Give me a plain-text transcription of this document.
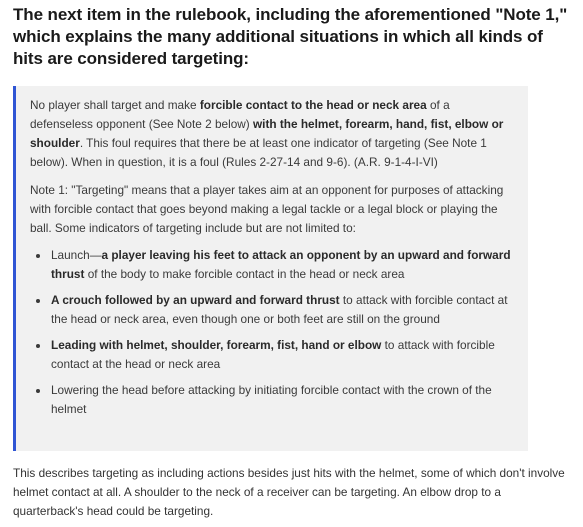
The next item in the rulebook, including the aforementioned "Note 1," which explains the many additional situations in which all kinds of hits are considered targeting:

No player shall target and make forcible contact to the head or neck area of a defenseless opponent (See Note 2 below) with the helmet, forearm, hand, fist, elbow or shoulder. This foul requires that there be at least one indicator of targeting (See Note 1 below). When in question, it is a foul (Rules 2-27-14 and 9-6). (A.R. 9-1-4-I-VI)

Note 1: "Targeting" means that a player takes aim at an opponent for purposes of attacking with forcible contact that goes beyond making a legal tackle or a legal block or playing the ball. Some indicators of targeting include but are not limited to:

• Launch—a player leaving his feet to attack an opponent by an upward and forward thrust of the body to make forcible contact in the head or neck area
• A crouch followed by an upward and forward thrust to attack with forcible contact at the head or neck area, even though one or both feet are still on the ground
• Leading with helmet, shoulder, forearm, fist, hand or elbow to attack with forcible contact at the head or neck area
• Lowering the head before attacking by initiating forcible contact with the crown of the helmet

This describes targeting as including actions besides just hits with the helmet, some of which don't involve helmet contact at all. A shoulder to the neck of a receiver can be targeting. An elbow drop to a quarterback's head could be targeting.
